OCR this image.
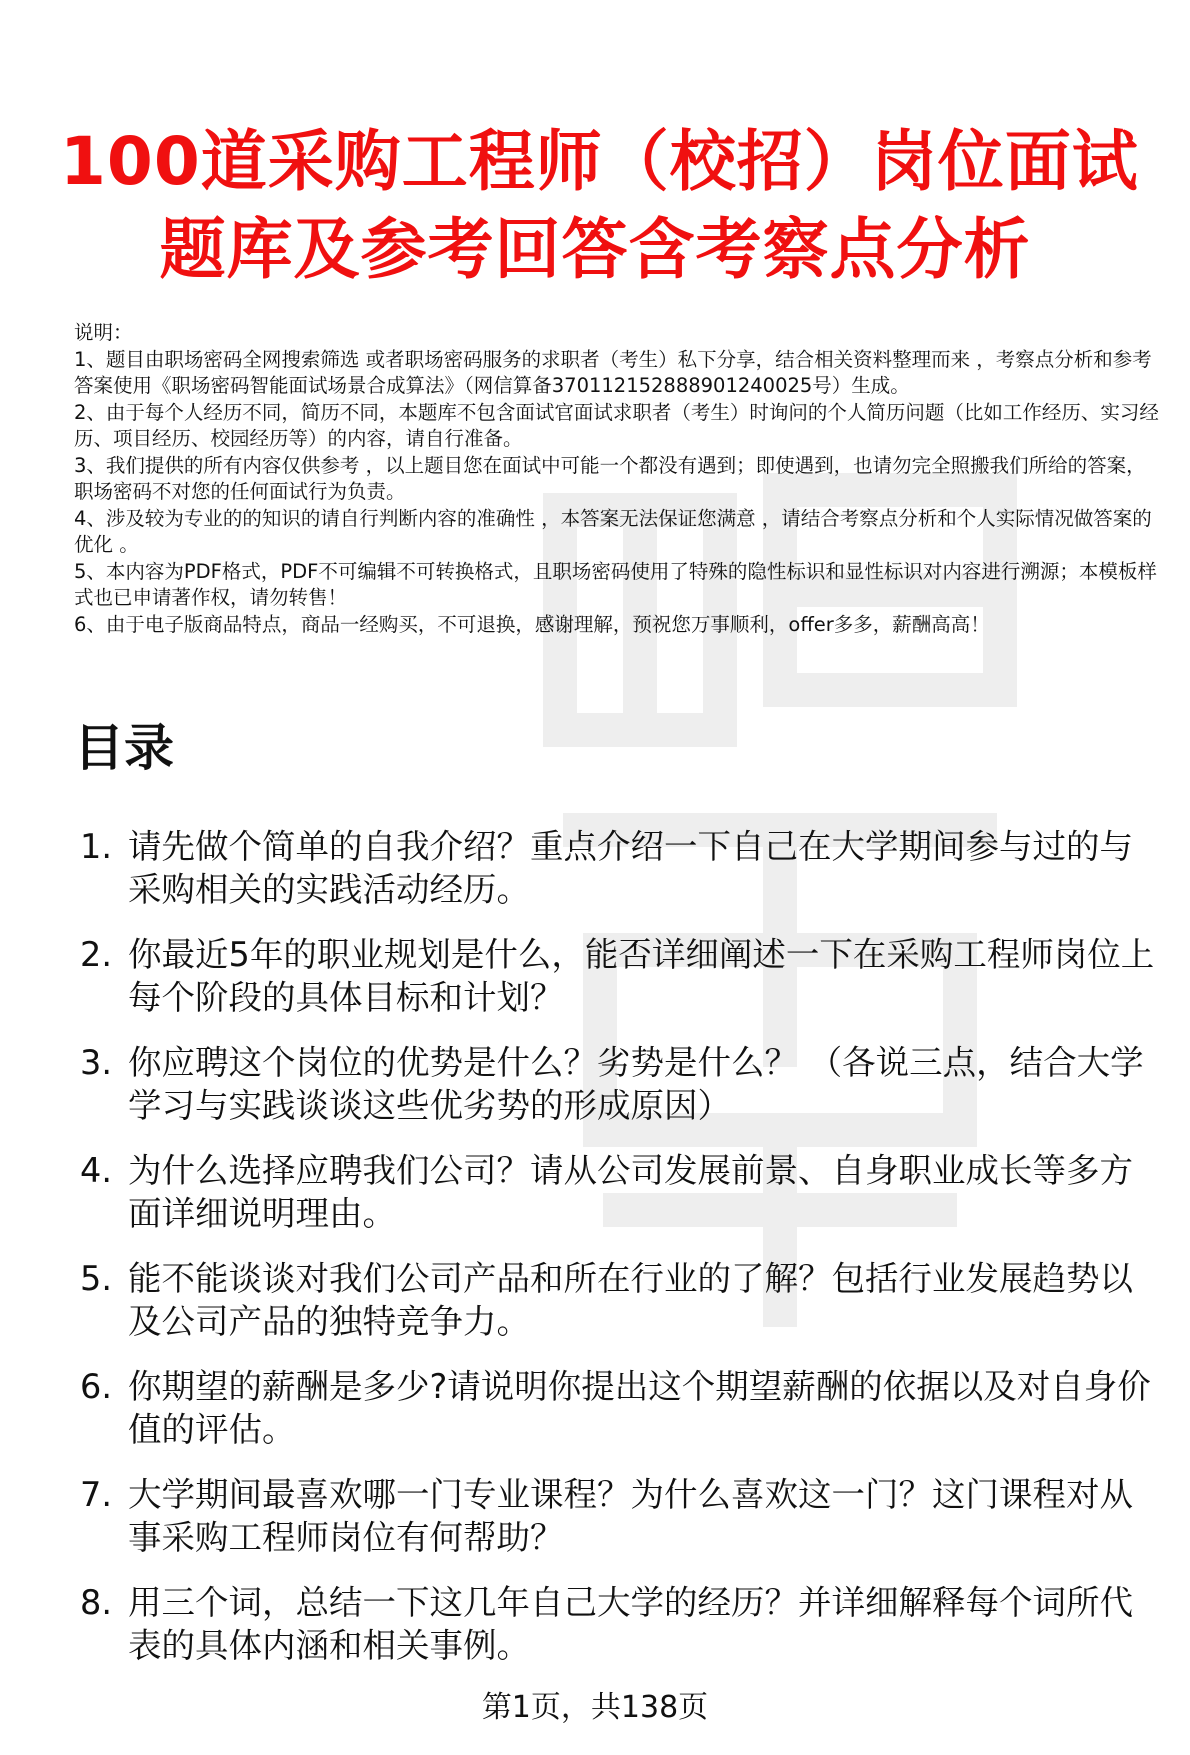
100道采购工程师（校招）岗位面试
题库及参考回答含考察点分析

说明：

1、题目由职场密码全网搜索筛选 或者职场密码服务的求职者（考生）私下分享，结合相关资料整理而来 ，考察点分析和参考答案使用《职场密码智能面试场景合成算法》（网信算备370112152888901240025号）生成。

2、由于每个人经历不同，简历不同，本题库不包含面试官面试求职者（考生）时询问的个人简历问题（比如工作经历、实习经历、项目经历、校园经历等）的内容，请自行准备。

3、我们提供的所有内容仅供参考 ，以上题目您在面试中可能一个都没有遇到；即使遇到，也请勿完全照搬我们所给的答案，职场密码不对您的任何面试行为负责。

4、涉及较为专业的的知识的请自行判断内容的准确性 ，本答案无法保证您满意 ，请结合考察点分析和个人实际情况做答案的优化 。

5、本内容为PDF格式，PDF不可编辑不可转换格式，且职场密码使用了特殊的隐性标识和显性标识对内容进行溯源；本模板样式也已申请著作权，请勿转售！

6、由于电子版商品特点，商品一经购买，不可退换，感谢理解，预祝您万事顺利，offer多多，薪酬高高！

目录
1. 请先做个简单的自我介绍？重点介绍一下自己在大学期间参与过的与采购相关的实践活动经历。
2. 你最近5年的职业规划是什么，能否详细阐述一下在采购工程师岗位上每个阶段的具体目标和计划？
3. 你应聘这个岗位的优势是什么？劣势是什么？ （各说三点，结合大学学习与实践谈谈这些优劣势的形成原因）
4. 为什么选择应聘我们公司？请从公司发展前景、自身职业成长等多方面详细说明理由。
5. 能不能谈谈对我们公司产品和所在行业的了解？包括行业发展趋势以及公司产品的独特竞争力。
6. 你期望的薪酬是多少?请说明你提出这个期望薪酬的依据以及对自身价值的评估。
7. 大学期间最喜欢哪一门专业课程？为什么喜欢这一门？这门课程对从事采购工程师岗位有何帮助？
8. 用三个词，总结一下这几年自己大学的经历？并详细解释每个词所代表的具体内涵和相关事例。
第1页，共138页
